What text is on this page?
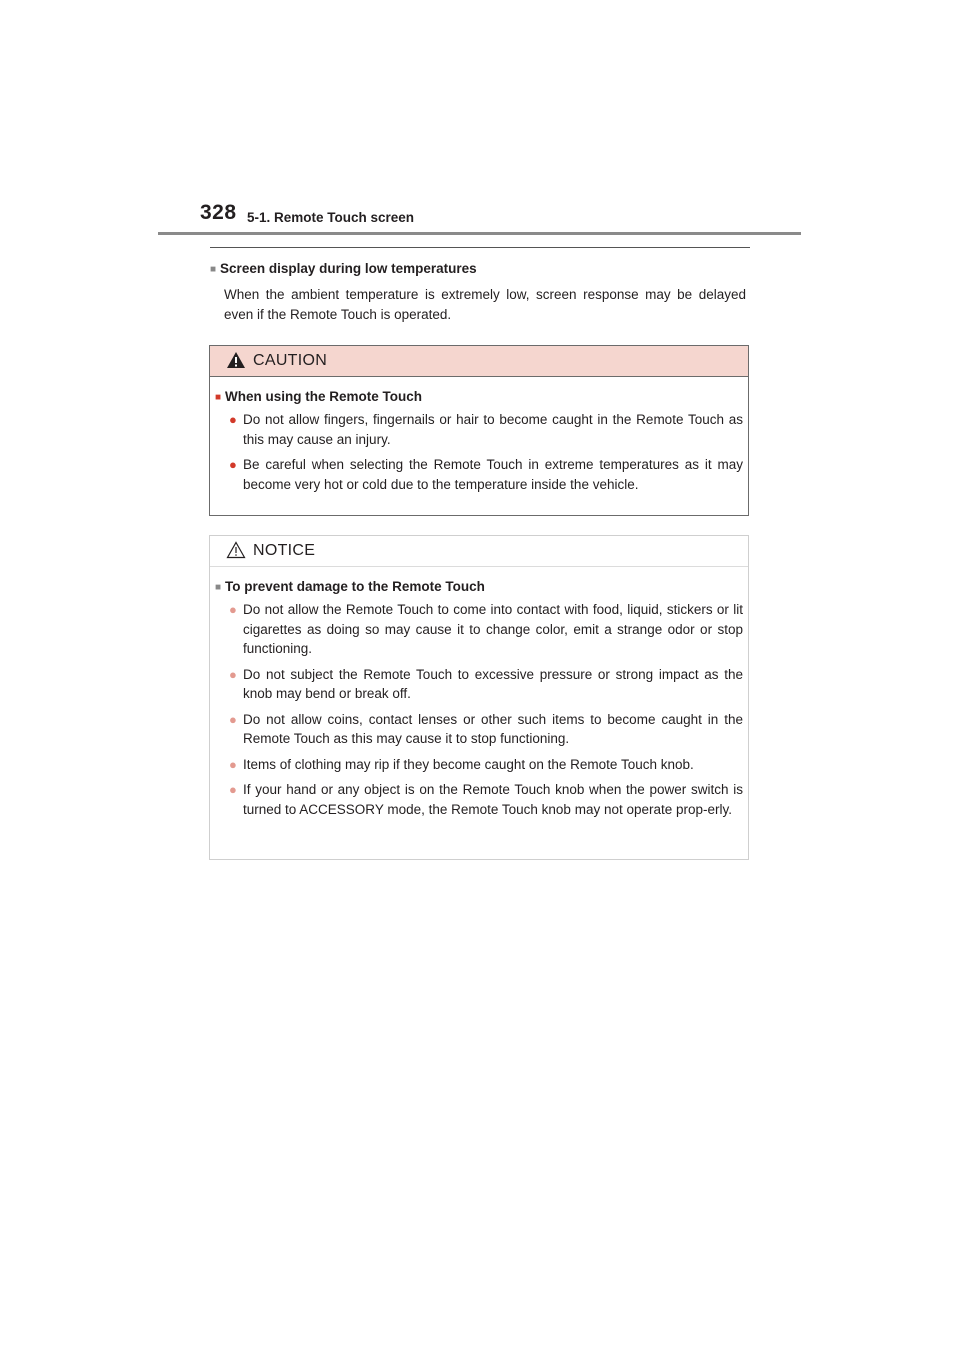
328 5-1. Remote Touch screen
■ Screen display during low temperatures
When the ambient temperature is extremely low, screen response may be delayed even if the Remote Touch is operated.
CAUTION
■ When using the Remote Touch
● Do not allow fingers, fingernails or hair to become caught in the Remote Touch as this may cause an injury.
● Be careful when selecting the Remote Touch in extreme temperatures as it may become very hot or cold due to the temperature inside the vehicle.
NOTICE
■ To prevent damage to the Remote Touch
● Do not allow the Remote Touch to come into contact with food, liquid, stickers or lit cigarettes as doing so may cause it to change color, emit a strange odor or stop functioning.
● Do not subject the Remote Touch to excessive pressure or strong impact as the knob may bend or break off.
● Do not allow coins, contact lenses or other such items to become caught in the Remote Touch as this may cause it to stop functioning.
● Items of clothing may rip if they become caught on the Remote Touch knob.
● If your hand or any object is on the Remote Touch knob when the power switch is turned to ACCESSORY mode, the Remote Touch knob may not operate prop-erly.
